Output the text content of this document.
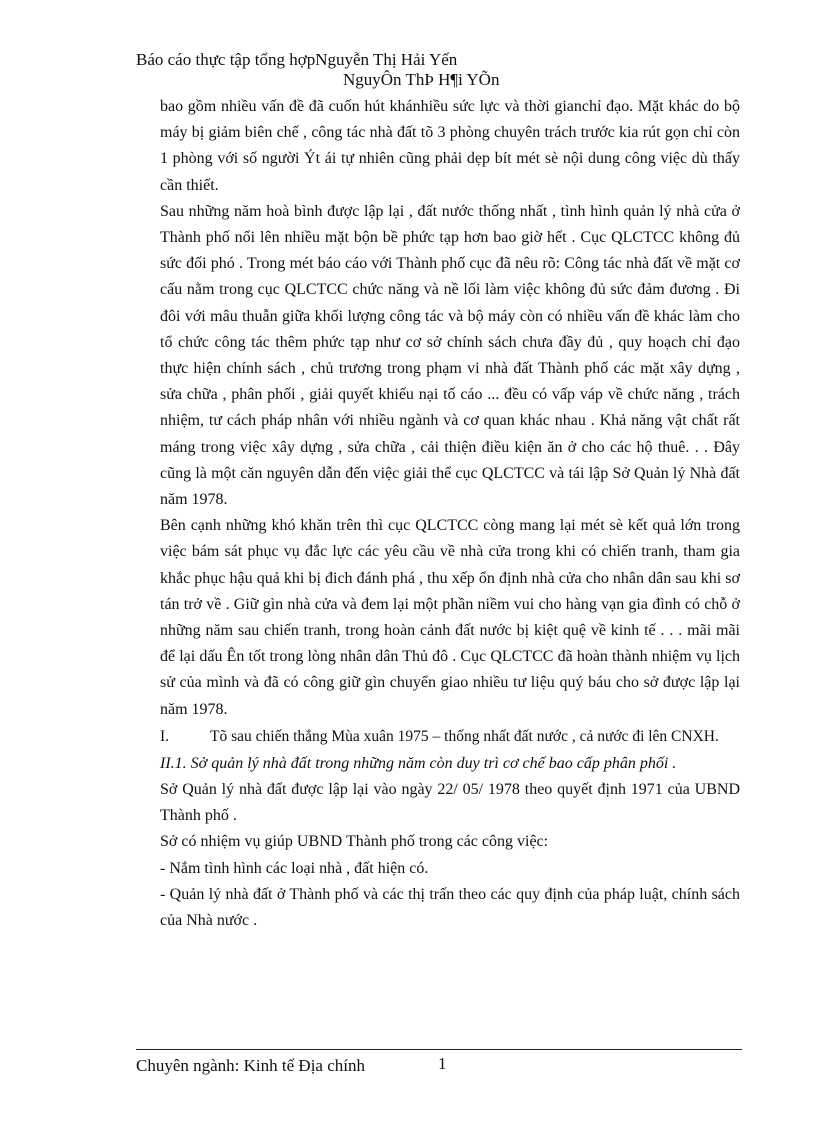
Báo cáo thực tập tổng hợpNguyễn Thị Hải Yến
NguyÔn ThÞ H¶i YÕn

bao gồm nhiều vấn đề đã cuốn hút khánhiều sức lực và thời gianchỉ đạo. Mặt khác do bộ máy bị giảm biên chế , công tác nhà đất tõ 3 phòng chuyên trách trước kia rút gọn chỉ còn 1 phòng với số người Ýt ái tự nhiên cũng phải dẹp bít mét sè nội dung công việc dù thấy cần thiết.

Sau những năm hoà bình được lập lại , đất nước thống nhất , tình hình quản lý nhà cửa ở Thành phố nổi lên nhiều mặt bộn bề phức tạp hơn bao giờ hết . Cục QLCTCC không đủ sức đối phó . Trong mét báo cáo với Thành phố cục đã nêu rõ: Công tác nhà đất về mặt cơ cấu nằm trong cục QLCTCC chức năng và nề lối làm việc không đủ sức đảm đương . Đi đôi với mâu thuẫn giữa khối lượng công tác và bộ máy còn có nhiều vấn đề khác làm cho tổ chức công tác thêm phức tạp như cơ sở chính sách chưa đầy đủ , quy hoạch chỉ đạo thực hiện chính sách , chủ trương trong phạm vi nhà đất Thành phố các mặt xây dựng , sửa chữa , phân phối , giải quyết khiếu nại tố cáo ... đều có vấp váp về chức năng , trách nhiệm, tư cách pháp nhân với nhiều ngành và cơ quan khác nhau . Khả năng vật chất rất máng trong việc xây dựng , sửa chữa , cải thiện điều kiện ăn ở cho các hộ thuê. . . Đây cũng là một căn nguyên dẫn đến việc giải thể cục QLCTCC và tái lập Sở Quản lý Nhà đất năm 1978.

Bên cạnh những khó khăn trên thì cục QLCTCC còng mang lại mét sè kết quả lớn trong việc bám sát phục vụ đắc lực các yêu cầu về nhà cửa trong khi có chiến tranh, tham gia khắc phục hậu quả khi bị đich đánh phá , thu xếp ổn định nhà cửa cho nhân dân sau khi sơ tán trở về . Giữ gìn nhà cửa và đem lại một phần niềm vui cho hàng vạn gia đình có chỗ ở những năm sau chiến tranh, trong hoàn cảnh đất nước bị kiệt quệ về kinh tế . . . mãi mãi để lại dấu Ên tốt trong lòng nhân dân Thủ đô . Cục QLCTCC đã hoàn thành nhiệm vụ lịch sử của mình và đã có công giữ gìn chuyển giao nhiều tư liệu quý báu cho sở được lập lại năm 1978.

I.	Tõ sau chiến thắng Mùa xuân 1975 – thống nhất đất nước , cả nước đi lên CNXH.

II.1. Sở quản lý nhà đất trong những năm còn duy trì cơ chế bao cấp phân phối .

Sở Quản lý nhà đất được lập lại vào ngày 22/ 05/ 1978 theo quyết định 1971 của UBND Thành phố .

Sở có nhiệm vụ giúp UBND Thành phố trong các công việc:

- Nắm tình hình các loại nhà , đất hiện có.

- Quản lý nhà đất ở Thành phố và các thị trấn theo các quy định của pháp luật, chính sách của Nhà nước .

Chuyên ngành: Kinh tế Địa chính	1
